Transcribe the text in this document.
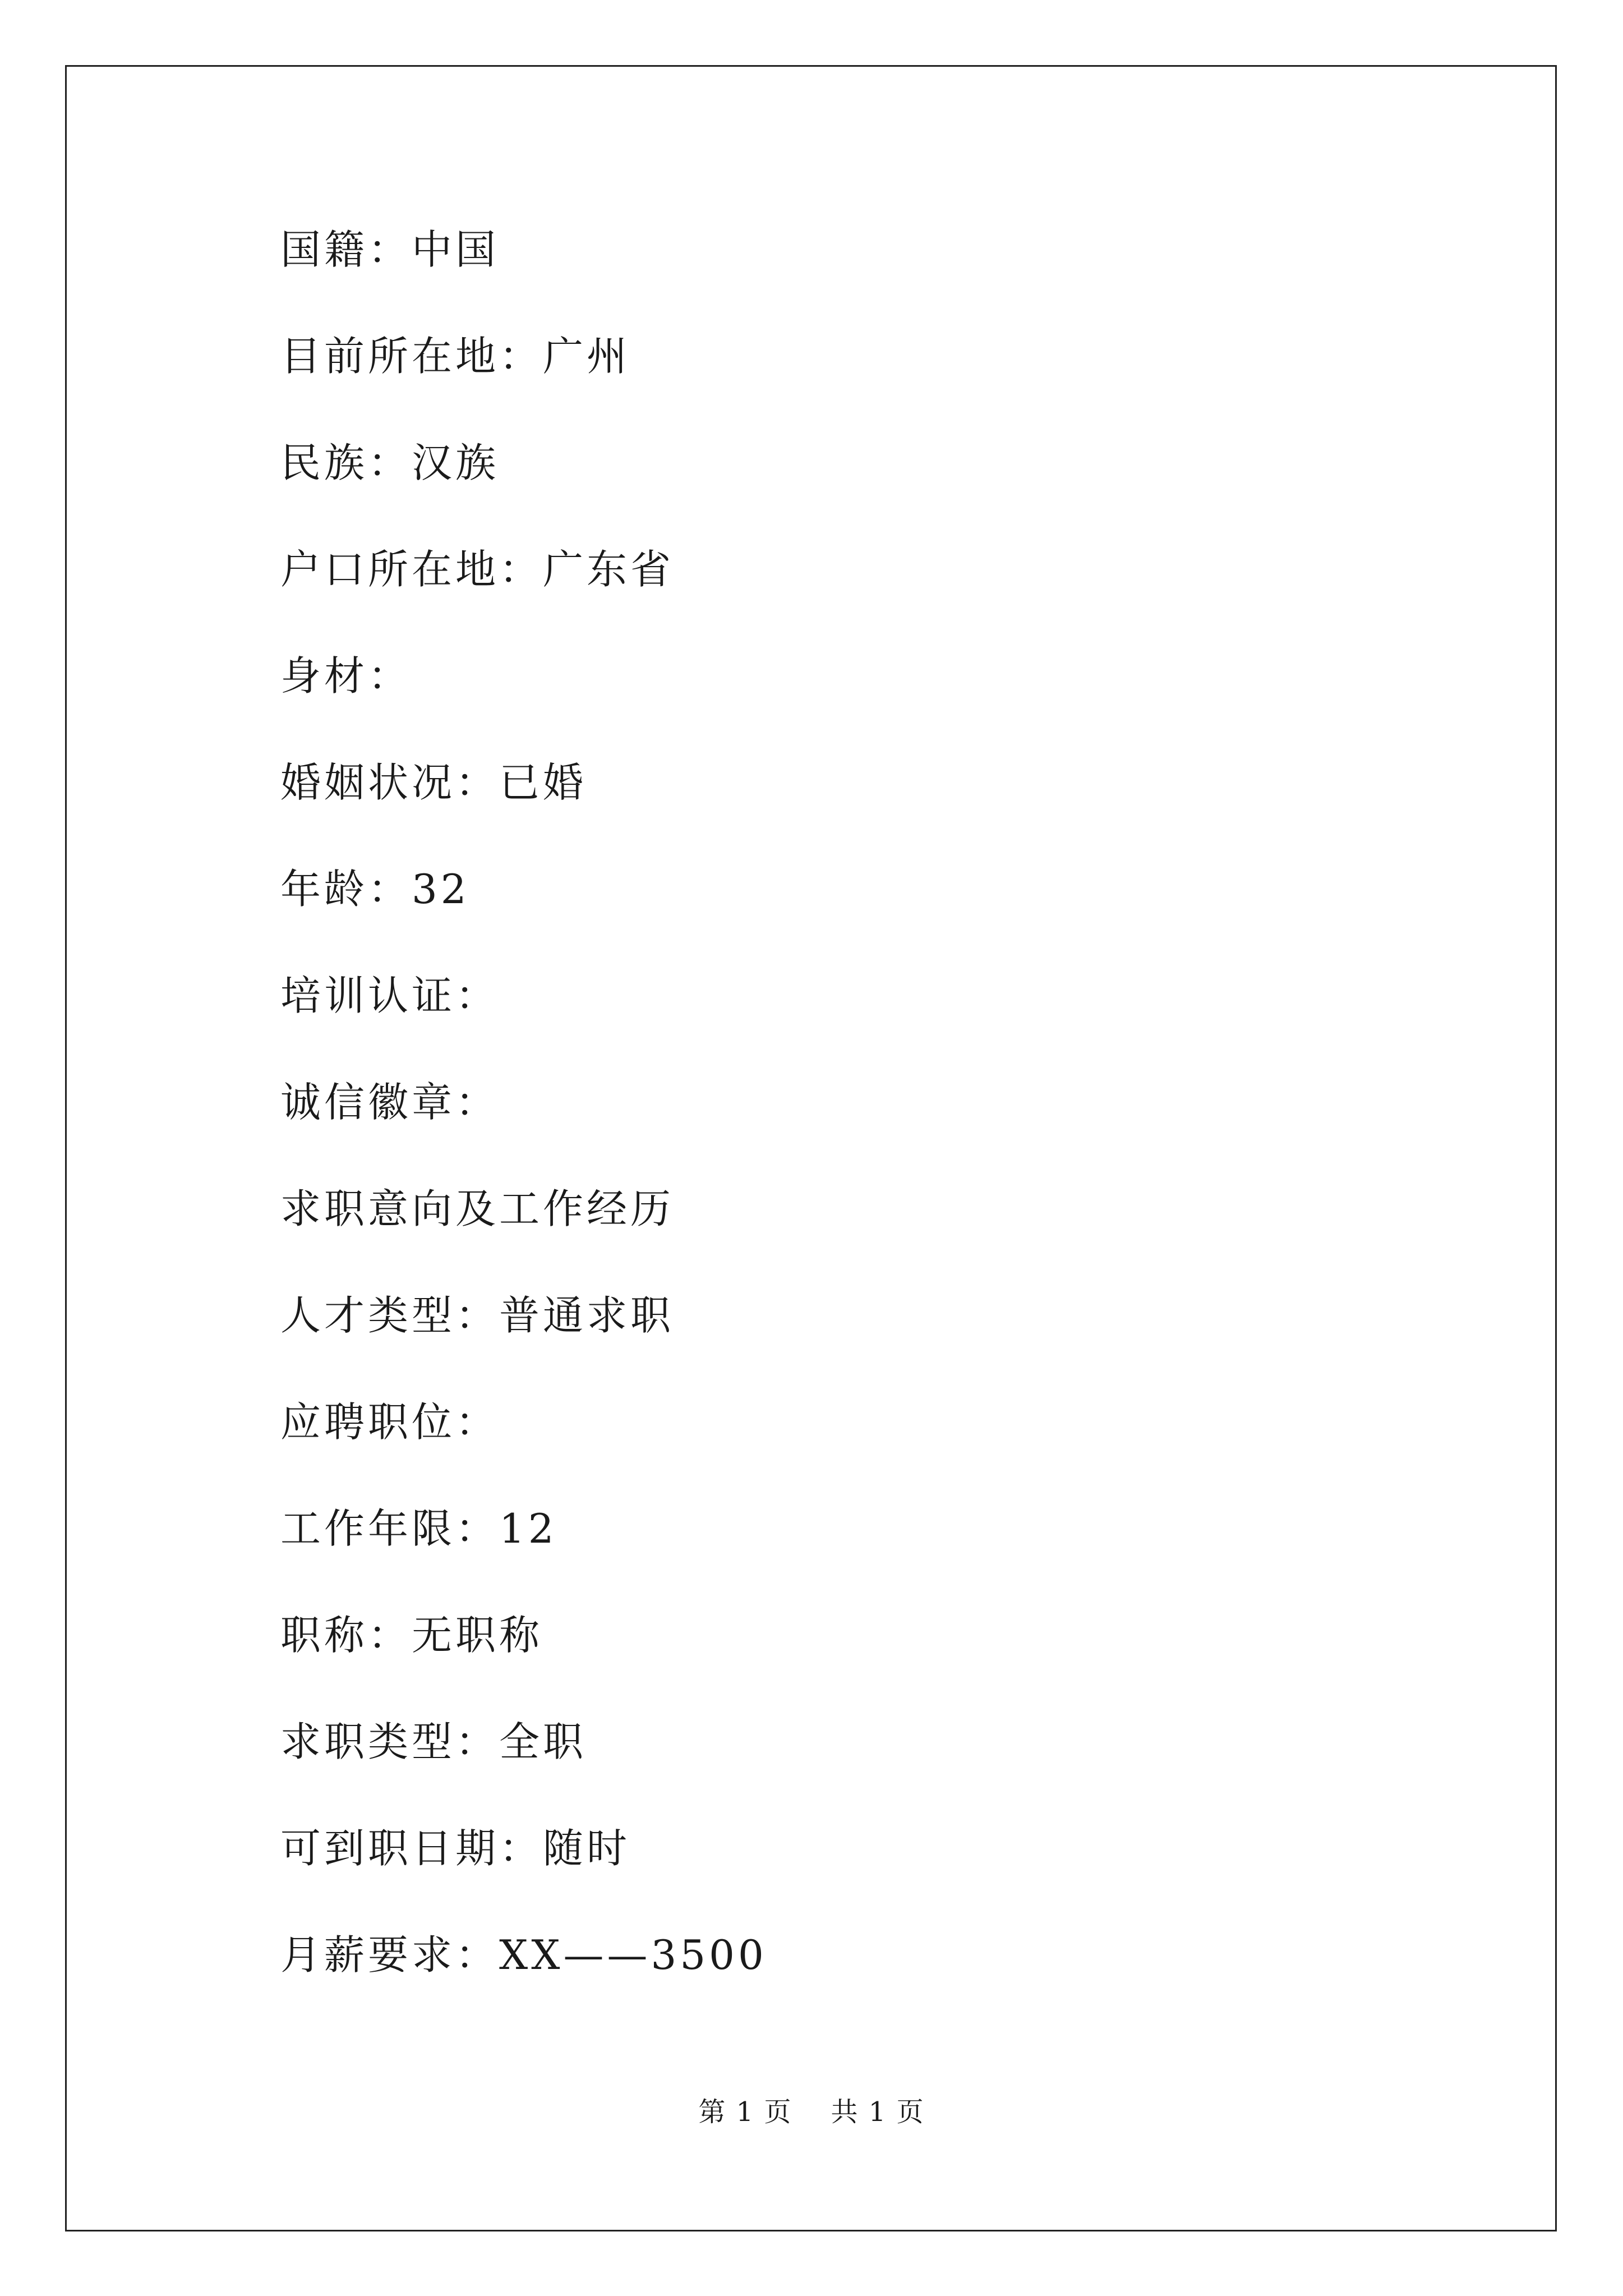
国籍：中国
目前所在地：广州
民族：汉族
户口所在地：广东省
身材：
婚姻状况：已婚
年龄：32
培训认证：
诚信徽章：
求职意向及工作经历
人才类型：普通求职
应聘职位：
工作年限：12
职称：无职称
求职类型：全职
可到职日期：随时
月薪要求：XX——3500
第 1 页    共 1 页
